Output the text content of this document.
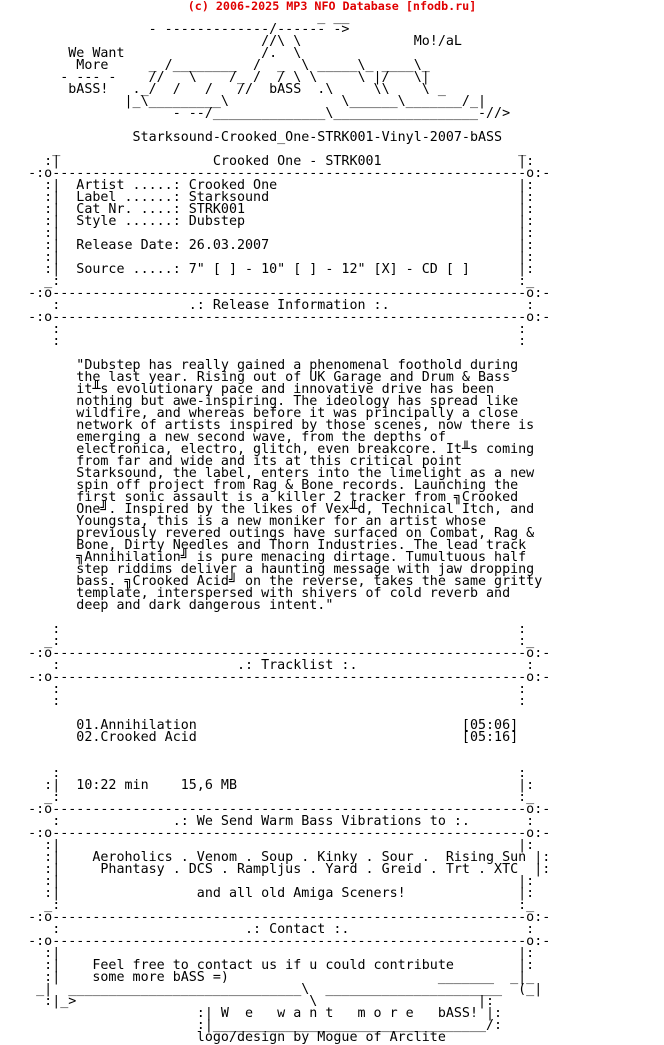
(c) 2006-2025 MP3 NFO Database [nfodb.ru]
_ __
- -------------/------ ->
//\ \              Mo!/aL
We Want                 /.  \
More     _ /________  /  _  \ _____\_ ____\_
- --- -    //   \    /_ /  / \ \     \ |/   \|
bASS!   ._/  /   /   //  bASS  .\     \\    \ _
|_\_________\              \______\_______/_|
- --/______________\__________________-//>

Starksound-Crooked_One-STRK001-Vinyl-2007-bASS
_                                                         _
:|                   Crooked One - STRK001                 |:
-:o-----------------------------------------------------------o:-
:|  Artist .....: Crooked One                              |:
:|  Label ......: Starksound                               |:
:|  Cat Nr. ....: STRK001                                  |:
:|  Style ......: Dubstep                                  |:
:|                                                         |:
:|  Release Date: 26.03.2007                               |:
:|                                                         |:
:|  Source .....: 7" [ ] - 10" [ ] - 12" [X] - CD [ ]      |:
_:                                                         :_
-:o-----------------------------------------------------------o:-
:                .: Release Information :.                 :
-:o-----------------------------------------------------------o:-
:                                                         :
:                                                         :

"Dubstep has really gained a phenomenal foothold during
the last year. Rising out of UK Garage and Drum & Bass
it╨s evolutionary pace and innovative drive has been
nothing but awe-inspiring. The ideology has spread like
wildfire, and whereas before it was principally a close
network of artists inspired by those scenes, now there is
emerging a new second wave, from the depths of
electronica, electro, glitch, even breakcore. It╨s coming
from far and wide and its at this critical point
Starksound, the label, enters into the limelight as a new
spin off project from Rag & Bone records. Launching the
first sonic assault is a killer 2 tracker from ╗Crooked
One╝. Inspired by the likes of Vex╨d, Technical Itch, and
Youngsta, this is a new moniker for an artist whose
previously revered outings have surfaced on Combat, Rag &
Bone, Dirty Needles and Thorn Industries. The lead track
╗Annihilation╝ is pure menacing dirtage. Tumultuous half
step riddims deliver a haunting message with jaw dropping
bass. ╗Crooked Acid╝ on the reverse, takes the same gritty
template, interspersed with shivers of cold reverb and
deep and dark dangerous intent."

:                                                         :
_:                                                         :_
-:o-----------------------------------------------------------o:-
:                      .: Tracklist :.                     :
-:o-----------------------------------------------------------o:-
:                                                         :
:                                                         :

01.Annihilation                                 [05:06]
02.Crooked Acid                                 [05:16]

:                                                         :
:|  10:22 min    15,6 MB                                   |:
_:                                                         :_
-:o-----------------------------------------------------------o:-
:              .: We Send Warm Bass Vibrations to :.       :
-:o-----------------------------------------------------------o:-
:|                                                         |:
:|    Aeroholics . Venom . Soup . Kinky . Sour .  Rising Sun |:
:|     Phantasy . DCS . Rampljus . Yard . Greid . Trt . XTC  |:
:|                                                         |:
:|                 and all old Amiga Sceners!              |:
_:                                                         :_
-:o-----------------------------------------------------------o:-
:                       .: Contact :.                      :
-:o-----------------------------------------------------------o:-
:|                                                         |:
:|    Feel free to contact us if u could contribute        |:
:|    some more bASS =)                          _______  _|_
_|  _____________________________\  ______________________  (_|
:|_>                             \                    |:
:| W  e   w a n t   m o r e   bASS! |:
:|__________________________________/:
logo/design by Mogue of Arclite
